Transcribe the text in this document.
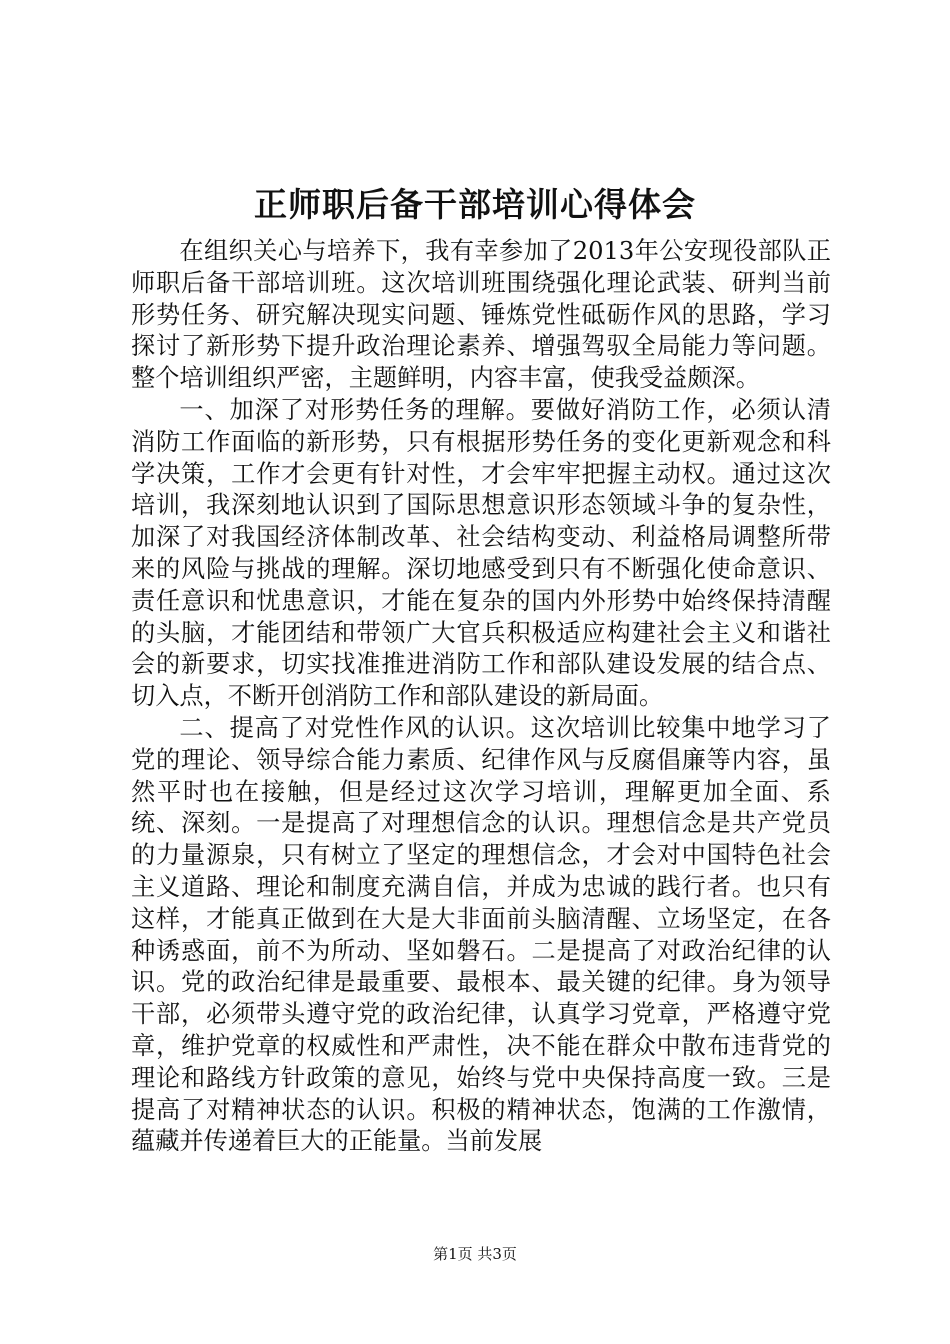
正师职后备干部培训心得体会

在组织关心与培养下，我有幸参加了2013年公安现役部队正师职后备干部培训班。这次培训班围绕强化理论武装、研判当前形势任务、研究解决现实问题、锤炼党性砥砺作风的思路，学习探讨了新形势下提升政治理论素养、增强驾驭全局能力等问题。整个培训组织严密，主题鲜明，内容丰富，使我受益颇深。

一、加深了对形势任务的理解。要做好消防工作，必须认清消防工作面临的新形势，只有根据形势任务的变化更新观念和科学决策，工作才会更有针对性，才会牢牢把握主动权。通过这次培训，我深刻地认识到了国际思想意识形态领域斗争的复杂性，加深了对我国经济体制改革、社会结构变动、利益格局调整所带来的风险与挑战的理解。深切地感受到只有不断强化使命意识、责任意识和忧患意识，才能在复杂的国内外形势中始终保持清醒的头脑，才能团结和带领广大官兵积极适应构建社会主义和谐社会的新要求，切实找准推进消防工作和部队建设发展的结合点、切入点，不断开创消防工作和部队建设的新局面。

二、提高了对党性作风的认识。这次培训比较集中地学习了党的理论、领导综合能力素质、纪律作风与反腐倡廉等内容，虽然平时也在接触，但是经过这次学习培训，理解更加全面、系统、深刻。一是提高了对理想信念的认识。理想信念是共产党员的力量源泉，只有树立了坚定的理想信念，才会对中国特色社会主义道路、理论和制度充满自信，并成为忠诚的践行者。也只有这样，才能真正做到在大是大非面前头脑清醒、立场坚定，在各种诱惑面，前不为所动、坚如磐石。二是提高了对政治纪律的认识。党的政治纪律是最重要、最根本、最关键的纪律。身为领导干部，必须带头遵守党的政治纪律，认真学习党章，严格遵守党章，维护党章的权威性和严肃性，决不能在群众中散布违背党的理论和路线方针政策的意见，始终与党中央保持高度一致。三是提高了对精神状态的认识。积极的精神状态，饱满的工作激情，蕴藏并传递着巨大的正能量。当前发展

第1页 共3页
